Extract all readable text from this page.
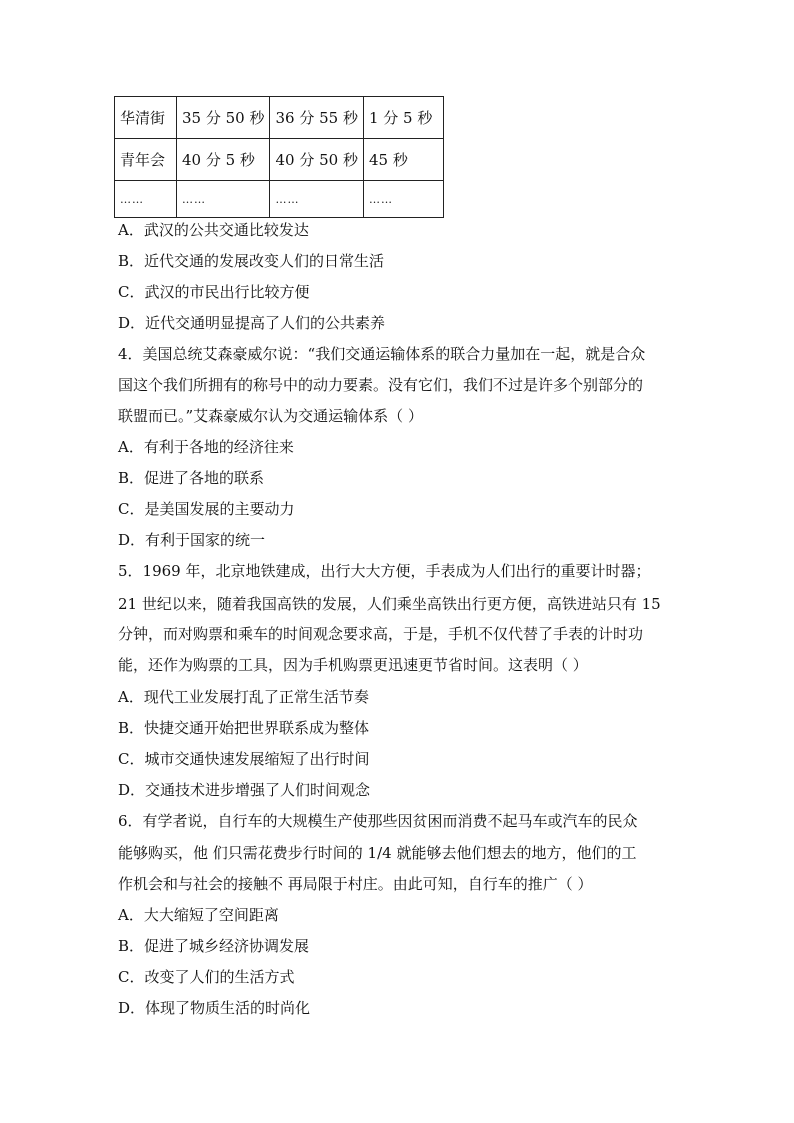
华清街	35 分 50 秒	36 分 55 秒	1 分 5 秒
青年会	40 分 5 秒	40 分 50 秒	45 秒
……	……	……	……
A．武汉的公共交通比较发达
B．近代交通的发展改变人们的日常生活
C．武汉的市民出行比较方便
D．近代交通明显提高了人们的公共素养
4．美国总统艾森豪威尔说：“我们交通运输体系的联合力量加在一起，就是合众
国这个我们所拥有的称号中的动力要素。没有它们，我们不过是许多个别部分的
联盟而已。”艾森豪威尔认为交通运输体系（ ）
A．有利于各地的经济往来
B．促进了各地的联系
C．是美国发展的主要动力
D．有利于国家的统一
5．1969 年，北京地铁建成，出行大大方便，手表成为人们出行的重要计时器；
21 世纪以来，随着我国高铁的发展，人们乘坐高铁出行更方便，高铁进站只有 15
分钟，而对购票和乘车的时间观念要求高，于是，手机不仅代替了手表的计时功
能，还作为购票的工具，因为手机购票更迅速更节省时间。这表明（ ）
A．现代工业发展打乱了正常生活节奏
B．快捷交通开始把世界联系成为整体
C．城市交通快速发展缩短了出行时间
D．交通技术进步增强了人们时间观念
6．有学者说，自行车的大规模生产使那些因贫困而消费不起马车或汽车的民众
能够购买，他 们只需花费步行时间的 1/4 就能够去他们想去的地方，他们的工
作机会和与社会的接触不 再局限于村庄。由此可知，自行车的推广（ ）
A．大大缩短了空间距离
B．促进了城乡经济协调发展
C．改变了人们的生活方式
D．体现了物质生活的时尚化
